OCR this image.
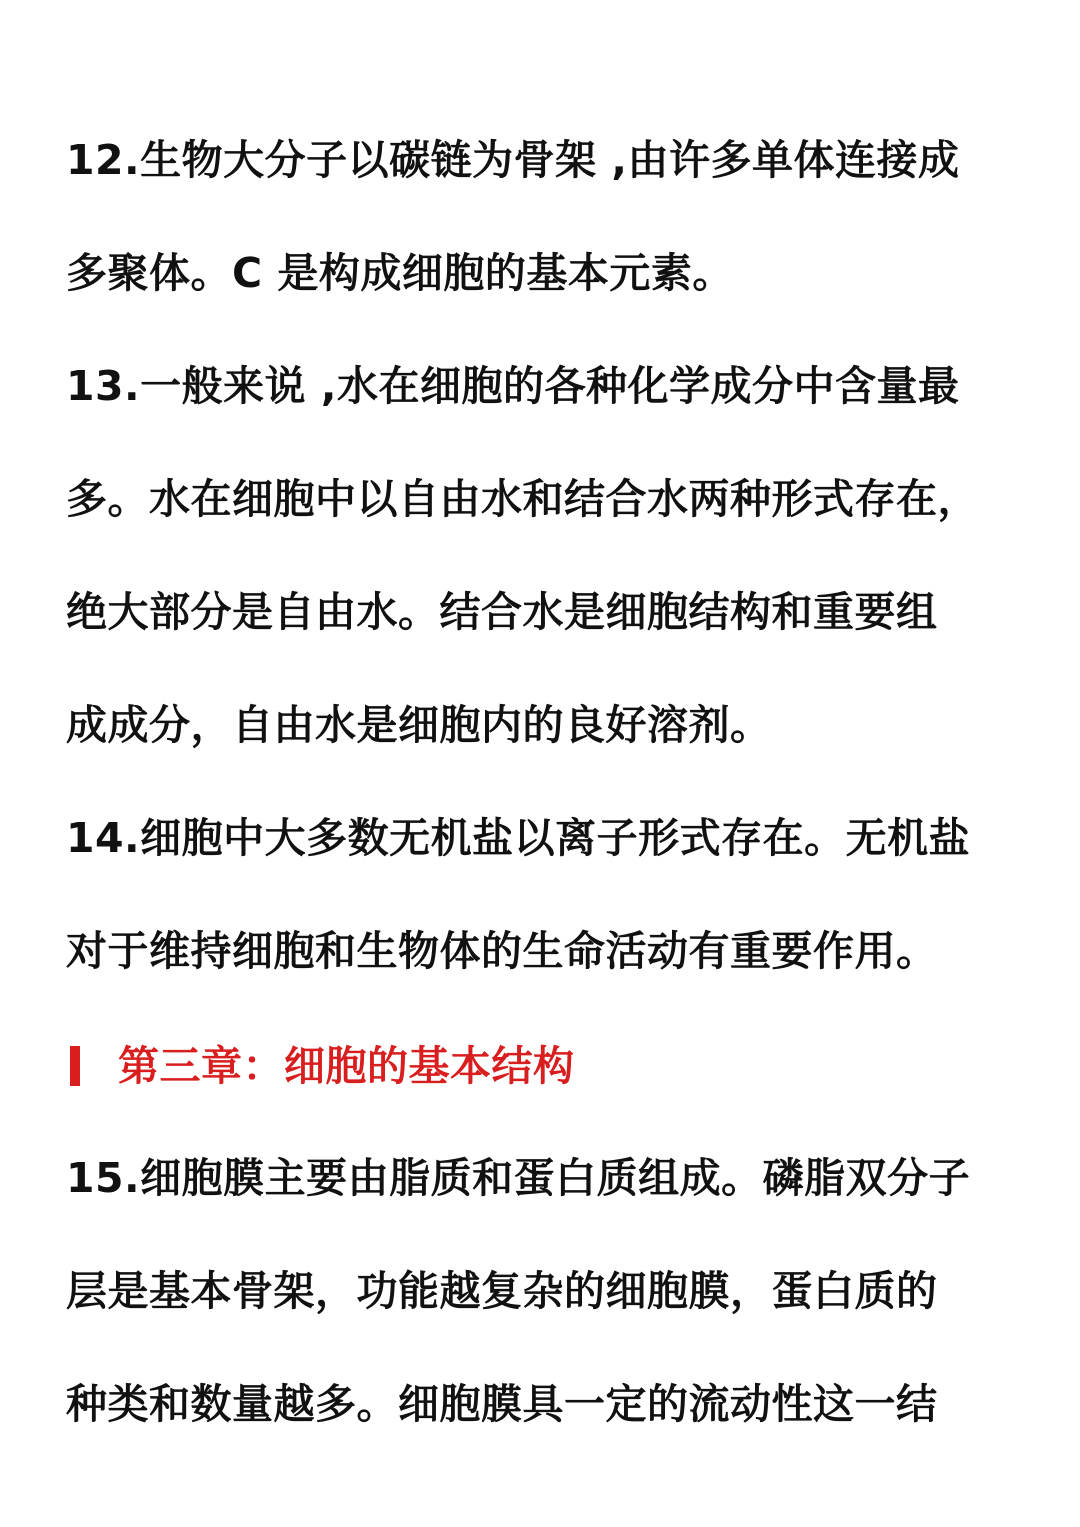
12.生物大分子以碳链为骨架 ,由许多单体连接成
多聚体。C 是构成细胞的基本元素。
13.一般来说 ,水在细胞的各种化学成分中含量最
多。水在细胞中以自由水和结合水两种形式存在，
绝大部分是自由水。结合水是细胞结构和重要组
成成分，自由水是细胞内的良好溶剂。
14.细胞中大多数无机盐以离子形式存在。无机盐
对于维持细胞和生物体的生命活动有重要作用。
第三章：细胞的基本结构
15.细胞膜主要由脂质和蛋白质组成。磷脂双分子
层是基本骨架，功能越复杂的细胞膜，蛋白质的
种类和数量越多。细胞膜具一定的流动性这一结
